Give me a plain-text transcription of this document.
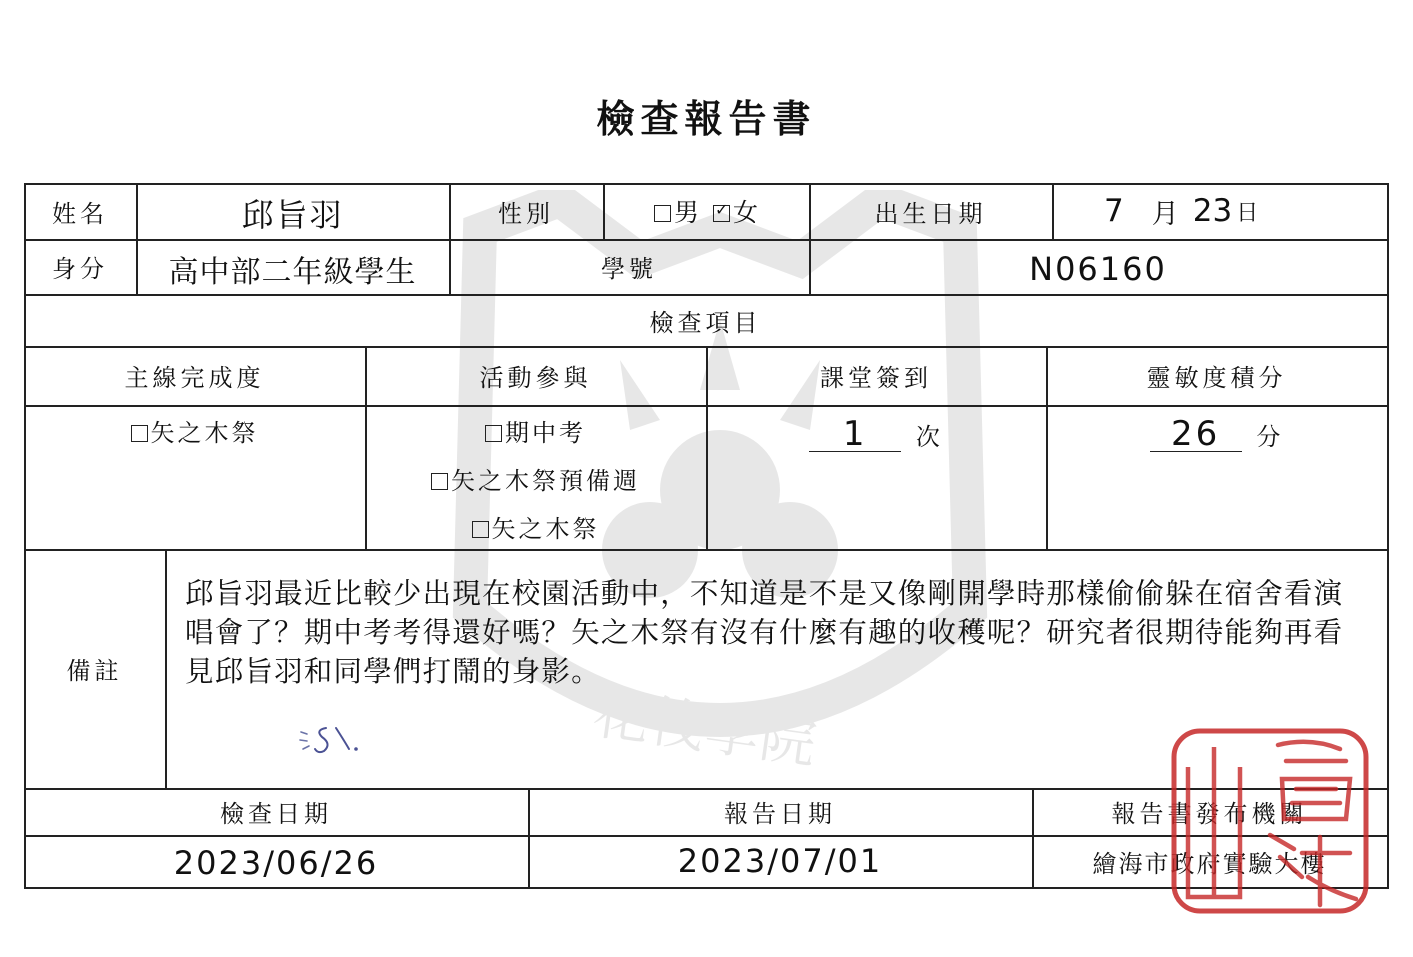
花筏學院
檢查報告書
姓名	邱旨羽	性別	男
✓	女	出生日期	7 月 23 日
身分	高中部二年級學生	學號	N06160
檢查項目
主線完成度	活動參與	課堂簽到	靈敏度積分
矢之木祭	期中考
矢之木祭預備週
矢之木祭
1 次	26 分
備註
邱旨羽最近比較少出現在校園活動中，不知道是不是又像剛開學時那樣偷偷躲在宿舍看演唱會了？期中考考得還好嗎？矢之木祭有沒有什麼有趣的收穫呢？研究者很期待能夠再看見邱旨羽和同學們打鬧的身影。
檢查日期	報告日期	報告書發布機關
2023/06/26	2023/07/01	繪海市政府實驗大樓
